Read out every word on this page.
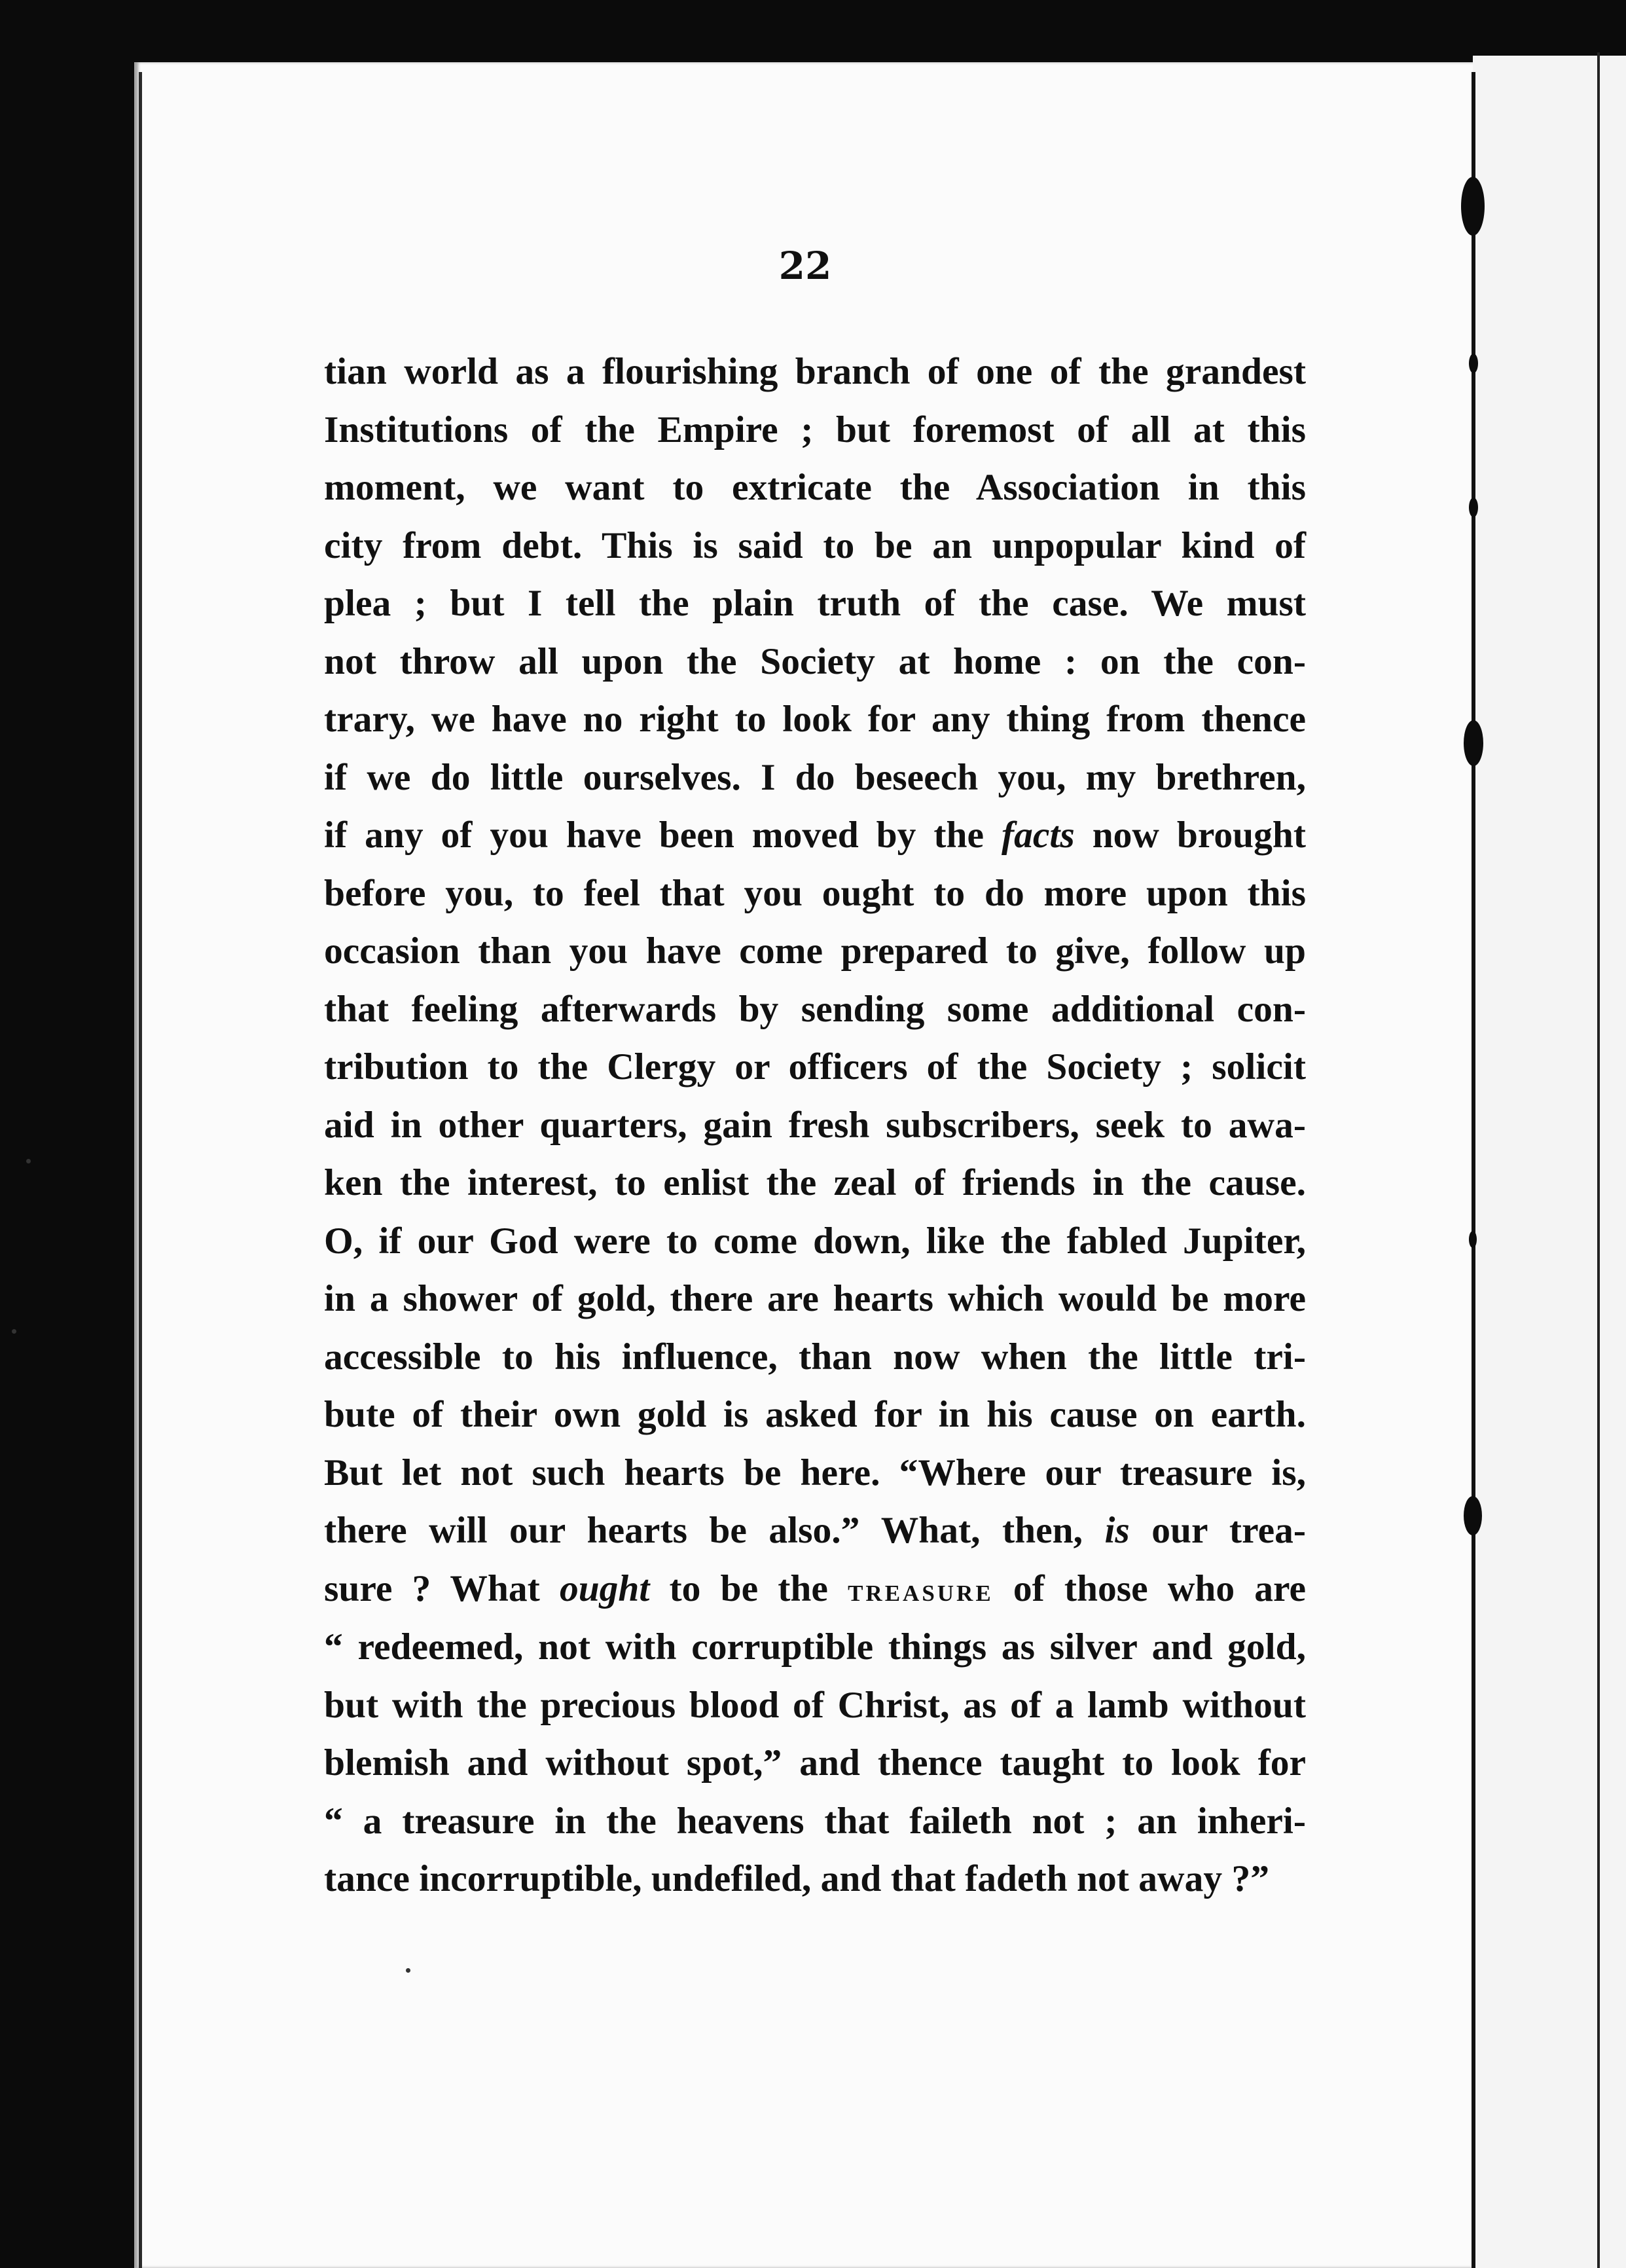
22
tian world as a flourishing branch of one of the grandest
Institutions of the Empire ; but foremost of all at this
moment, we want to extricate the Association in this
city from debt. This is said to be an unpopular kind of
plea ; but I tell the plain truth of the case. We must
not throw all upon the Society at home : on the con-
trary, we have no right to look for any thing from thence
if we do little ourselves. I do beseech you, my brethren,
if any of you have been moved by the facts now brought
before you, to feel that you ought to do more upon this
occasion than you have come prepared to give, follow up
that feeling afterwards by sending some additional con-
tribution to the Clergy or officers of the Society ; solicit
aid in other quarters, gain fresh subscribers, seek to awa-
ken the interest, to enlist the zeal of friends in the cause.
O, if our God were to come down, like the fabled Jupiter,
in a shower of gold, there are hearts which would be more
accessible to his influence, than now when the little tri-
bute of their own gold is asked for in his cause on earth.
But let not such hearts be here. “Where our treasure is,
there will our hearts be also.” What, then, is our trea-
sure ? What ought to be the treasure of those who are
“ redeemed, not with corruptible things as silver and gold,
but with the precious blood of Christ, as of a lamb without
blemish and without spot,” and thence taught to look for
“ a treasure in the heavens that faileth not ; an inheri-
tance incorruptible, undefiled, and that fadeth not away ?”
